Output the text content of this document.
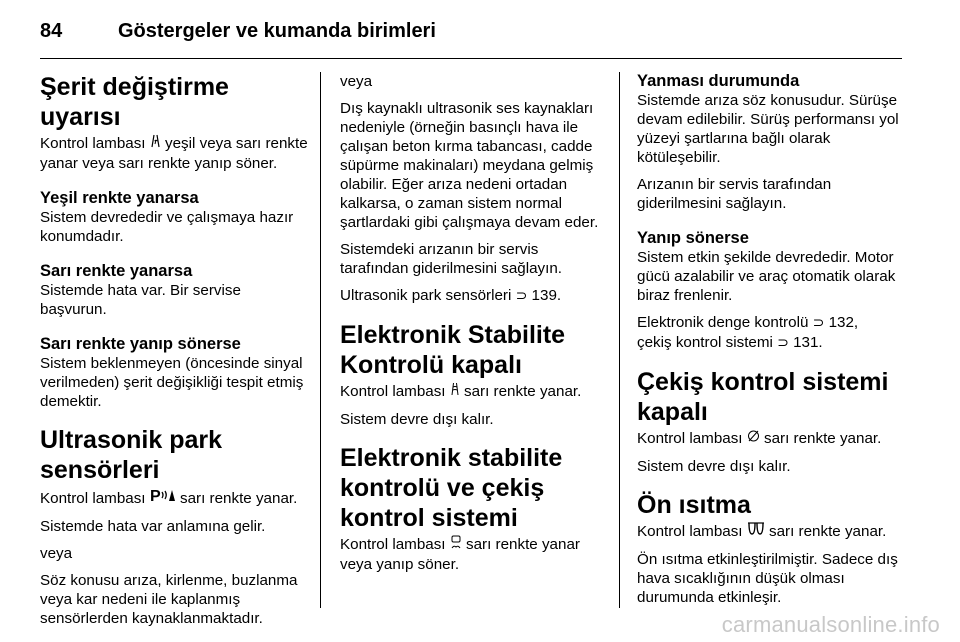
84	Göstergeler ve kumanda birimleri
Şerit değiştirme uyarısı

Kontrol lambası yeşil veya sarı renkte yanar veya sarı renkte yanıp söner.

Yeşil renkte yanarsa

Sistem devrededir ve çalışmaya hazır konumdadır.

Sarı renkte yanarsa

Sistemde hata var. Bir servise başvurun.

Sarı renkte yanıp sönerse

Sistem beklenmeyen (öncesinde sinyal verilmeden) şerit değişikliği tespit etmiş demektir.

Ultrasonik park sensörleri

Kontrol lambası P sarı renkte yanar.

Sistemde hata var anlamına gelir.

veya

Söz konusu arıza, kirlenme, buzlanma veya kar nedeni ile kaplanmış sensörlerden kaynaklanmaktadır.

veya

Dış kaynaklı ultrasonik ses kaynakları nedeniyle (örneğin basınçlı hava ile çalışan beton kırma tabancası, cadde süpürme makinaları) meydana gelmiş olabilir. Eğer arıza nedeni ortadan kalkarsa, o zaman sistem normal şartlardaki gibi çalışmaya devam eder.

Sistemdeki arızanın bir servis tarafından giderilmesini sağlayın.

Ultrasonik park sensörleri ⊃ 139.

Elektronik Stabilite Kontrolü kapalı

Kontrol lambası sarı renkte yanar.

Sistem devre dışı kalır.

Elektronik stabilite kontrolü ve çekiş kontrol sistemi

Kontrol lambası sarı renkte yanar veya yanıp söner.

Yanması durumunda

Sistemde arıza söz konusudur. Sürüşe devam edilebilir. Sürüş performansı yol yüzeyi şartlarına bağlı olarak kötüleşebilir.

Arızanın bir servis tarafından giderilmesini sağlayın.

Yanıp sönerse

Sistem etkin şekilde devrededir. Motor gücü azalabilir ve araç otomatik olarak biraz frenlenir.

Elektronik denge kontrolü ⊃ 132,

çekiş kontrol sistemi ⊃ 131.

Çekiş kontrol sistemi kapalı

Kontrol lambası sarı renkte yanar.

Sistem devre dışı kalır.

Ön ısıtma

Kontrol lambası sarı renkte yanar.

Ön ısıtma etkinleştirilmiştir. Sadece dış hava sıcaklığının düşük olması durumunda etkinleşir.

carmanualsonline.info
